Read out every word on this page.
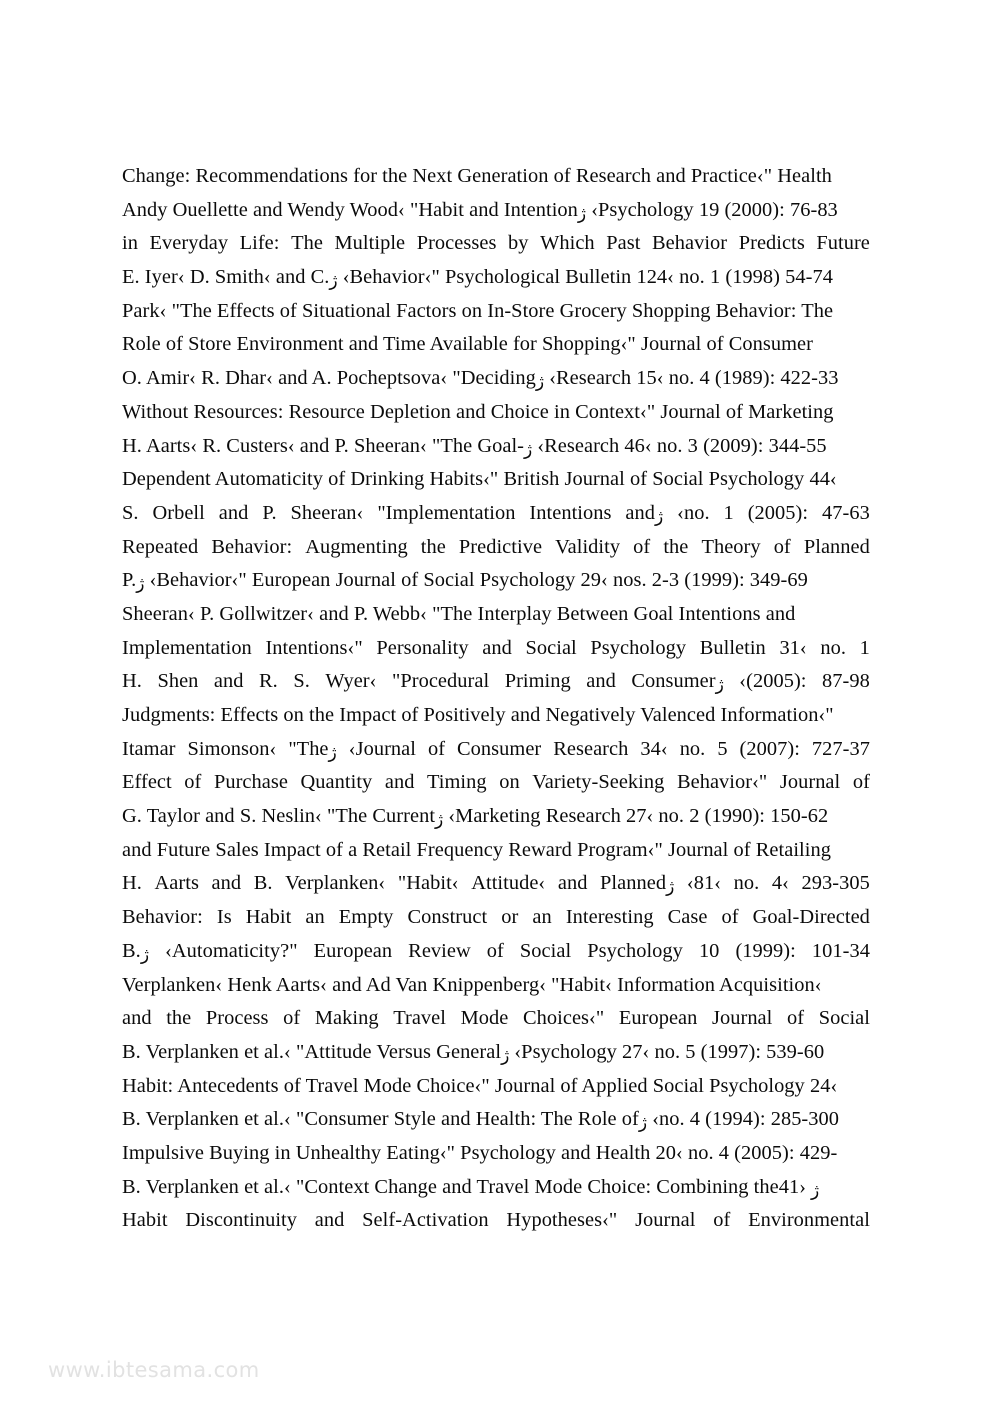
Change: Recommendations for the Next Generation of Research and Practice‹" Health
Andy Ouellette and Wendy Wood‹ "Habit and Intentionژ ‹Psychology 19 (2000): 76-83
in Everyday Life: The Multiple Processes by Which Past Behavior Predicts Future
E. Iyer‹ D. Smith‹ and C.ژ ‹Behavior‹" Psychological Bulletin 124‹ no. 1 (1998) 54-74
Park‹ "The Effects of Situational Factors on In-Store Grocery Shopping Behavior: The
Role of Store Environment and Time Available for Shopping‹" Journal of Consumer
O. Amir‹ R. Dhar‹ and A. Pocheptsova‹ "Decidingژ ‹Research 15‹ no. 4 (1989): 422-33
Without Resources: Resource Depletion and Choice in Context‹" Journal of Marketing
H. Aarts‹ R. Custers‹ and P. Sheeran‹ "The Goal-ژ ‹Research 46‹ no. 3 (2009): 344-55
Dependent Automaticity of Drinking Habits‹" British Journal of Social Psychology 44‹
S. Orbell and P. Sheeran‹ "Implementation Intentions andژ ‹no. 1 (2005): 47-63
Repeated Behavior: Augmenting the Predictive Validity of the Theory of Planned
P.ژ ‹Behavior‹" European Journal of Social Psychology 29‹ nos. 2-3 (1999): 349-69
Sheeran‹ P. Gollwitzer‹ and P. Webb‹ "The Interplay Between Goal Intentions and
Implementation Intentions‹" Personality and Social Psychology Bulletin 31‹ no. 1
H. Shen and R. S. Wyer‹ "Procedural Priming and Consumerژ ‹(2005): 87-98
Judgments: Effects on the Impact of Positively and Negatively Valenced Information‹"
Itamar Simonson‹ "Theژ ‹Journal of Consumer Research 34‹ no. 5 (2007): 727-37
Effect of Purchase Quantity and Timing on Variety-Seeking Behavior‹" Journal of
G. Taylor and S. Neslin‹ "The Currentژ ‹Marketing Research 27‹ no. 2 (1990): 150-62
and Future Sales Impact of a Retail Frequency Reward Program‹" Journal of Retailing
H. Aarts and B. Verplanken‹ "Habit‹ Attitude‹ and Plannedژ ‹81‹ no. 4‹ 293-305
Behavior: Is Habit an Empty Construct or an Interesting Case of Goal-Directed
B.ژ ‹Automaticity?" European Review of Social Psychology 10 (1999): 101-34
Verplanken‹ Henk Aarts‹ and Ad Van Knippenberg‹ "Habit‹ Information Acquisition‹
and the Process of Making Travel Mode Choices‹" European Journal of Social
B. Verplanken et al.‹ "Attitude Versus Generalژ ‹Psychology 27‹ no. 5 (1997): 539-60
Habit: Antecedents of Travel Mode Choice‹" Journal of Applied Social Psychology 24‹
B. Verplanken et al.‹ "Consumer Style and Health: The Role ofژ ‹no. 4 (1994): 285-300
Impulsive Buying in Unhealthy Eating‹" Psychology and Health 20‹ no. 4 (2005): 429-
B. Verplanken et al.‹ "Context Change and Travel Mode Choice: Combining the ژ ‹41
Habit Discontinuity and Self-Activation Hypotheses‹" Journal of Environmental
www.ibtesama.com
